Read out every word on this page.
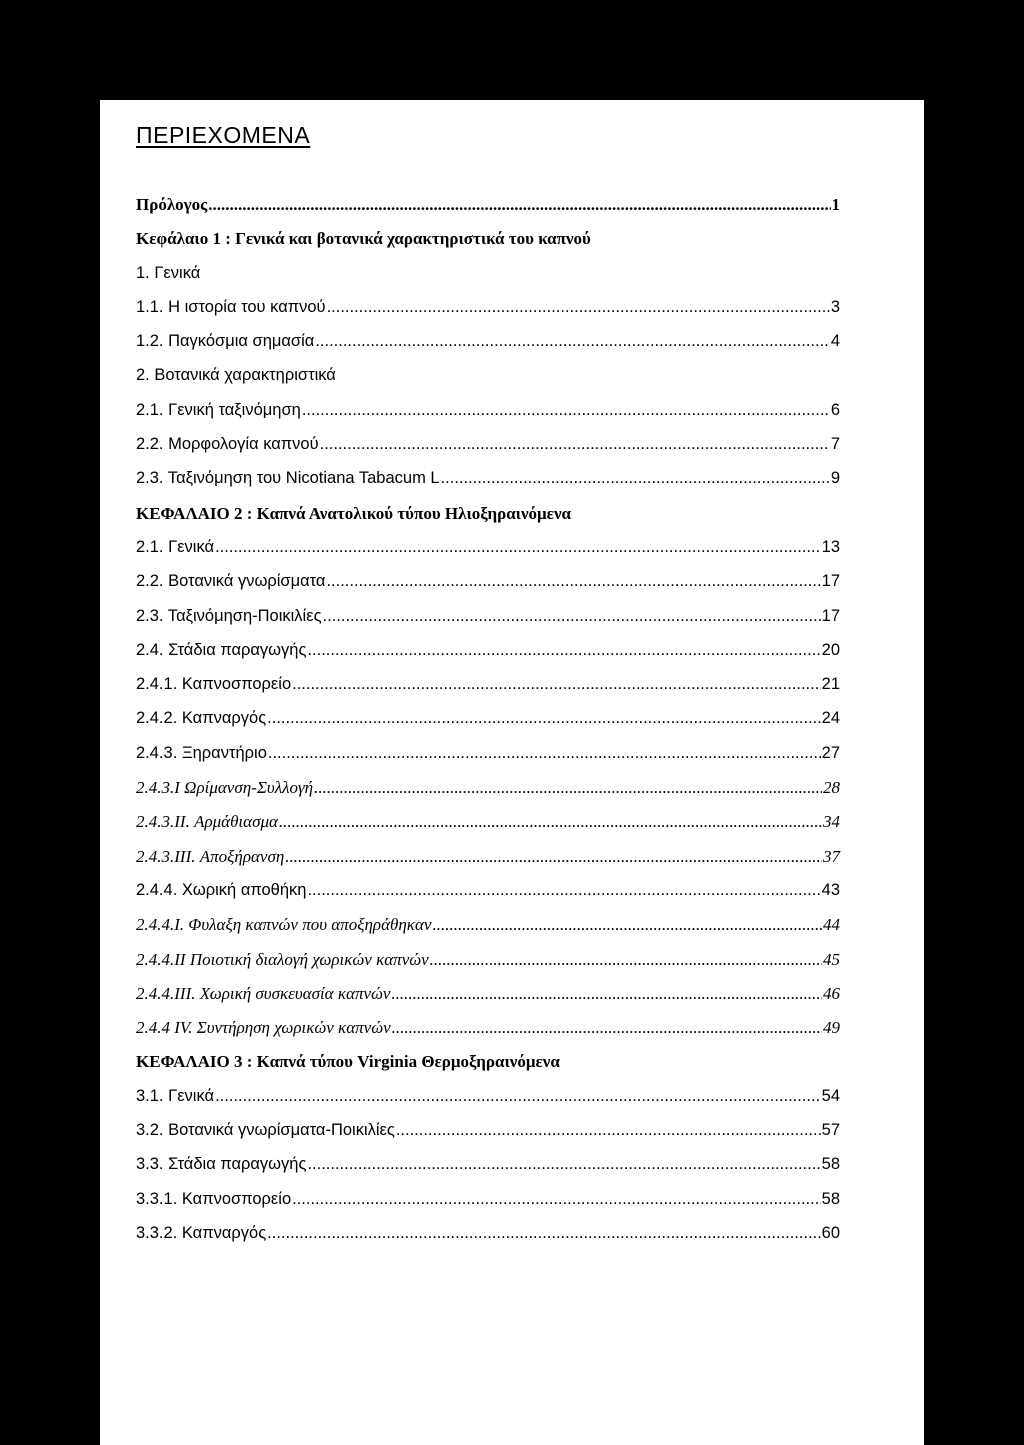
ΠΕΡΙΕΧΟΜΕΝΑ
Πρόλογος .....	1
Κεφάλαιο 1 : Γενικά και βοτανικά χαρακτηριστικά του καπνού
1. Γενικά
1.1. Η ιστορία του καπνού .....	3
1.2. Παγκόσμια σημασία .....	4
2. Βοτανικά χαρακτηριστικά
2.1. Γενική ταξινόμηση .....	6
2.2. Μορφολογία καπνού .....	7
2.3. Ταξινόμηση του Nicotiana Tabacum L .....	9
ΚΕΦΑΛΑΙΟ 2 : Καπνά Ανατολικού τύπου Ηλιοξηραινόμενα
2.1. Γενικά .....	13
2.2. Βοτανικά γνωρίσματα .....	17
2.3. Ταξινόμηση-Ποικιλίες .....	17
2.4. Στάδια παραγωγής .....	20
2.4.1. Καπνοσπορείο .....	21
2.4.2. Καπναργός .....	24
2.4.3. Ξηραντήριο .....	27
2.4.3.I Ωρίμανση-Συλλογή .....	28
2.4.3.II. Αρμάθιασμα .....	34
2.4.3.III. Αποξήρανση .....	37
2.4.4. Χωρική αποθήκη .....	43
2.4.4.I. Φυλαξη καπνών που αποξηράθηκαν .....	44
2.4.4.II Ποιοτική διαλογή χωρικών καπνών .....	45
2.4.4.III. Χωρική συσκευασία καπνών .....	46
2.4.4 IV. Συντήρηση χωρικών καπνών .....	49
ΚΕΦΑΛΑΙΟ 3 : Καπνά τύπου Virginia Θερμοξηραινόμενα
3.1. Γενικά .....	54
3.2. Βοτανικά γνωρίσματα-Ποικιλίες .....	57
3.3. Στάδια παραγωγής .....	58
3.3.1. Καπνοσπορείο .....	58
3.3.2. Καπναργός .....	60
